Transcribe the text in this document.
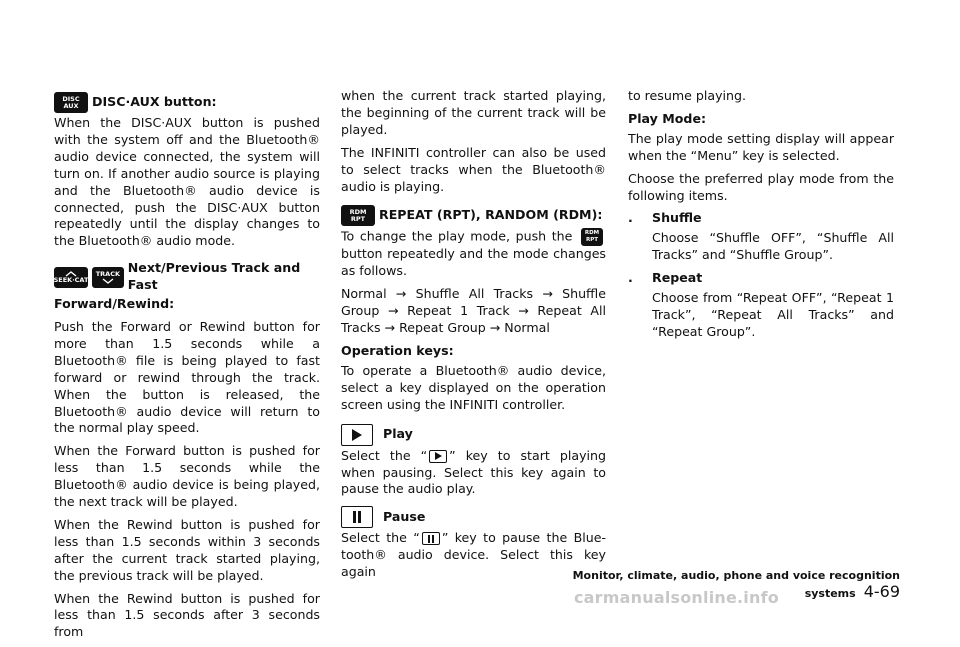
DISC
AUX DISC·AUX button:

When the DISC·AUX button is pushed with the system off and the Bluetooth® audio device connected, the system will turn on. If another audio source is playing and the Bluetooth® audio device is connected, push the DISC·AUX button repeatedly until the display changes to the Bluetooth® audio mode.

SEEK·CAT
TRACK Next/Previous Track and Fast

Forward/Rewind:

Push the Forward or Rewind button for more than 1.5 seconds while a Bluetooth® file is being played to fast forward or rewind through the track. When the button is released, the Bluetooth® audio device will return to the normal play speed.

When the Forward button is pushed for less than 1.5 seconds while the Bluetooth® audio device is being played, the next track will be played.

When the Rewind button is pushed for less than 1.5 seconds within 3 seconds after the current track started playing, the previous track will be played.

When the Rewind button is pushed for less than 1.5 seconds after 3 seconds from

when the current track started playing, the beginning of the current track will be played.

The INFINITI controller can also be used to select tracks when the Bluetooth® audio is playing.

RDM
RPT REPEAT (RPT), RANDOM (RDM):

To change the play mode, push the RDM
RPT
button repeatedly and the mode changes as follows.

Normal → Shuffle All Tracks → Shuffle Group → Repeat 1 Track → Repeat All Tracks → Repeat Group → Normal

Operation keys:

To operate a Bluetooth® audio device, select a key displayed on the operation screen using the INFINITI controller.

Play

Select the “ ” key to start playing when pausing. Select this key again to pause the audio play.

Pause

Select the “ ” key to pause the Blue-tooth® audio device. Select this key again

to resume playing.

Play Mode:

The play mode setting display will appear when the “Menu” key is selected.

Choose the preferred play mode from the following items.

.	Shuffle

Choose “Shuffle OFF”, “Shuffle All Tracks” and “Shuffle Group”.

.	Repeat

Choose from “Repeat OFF”, “Repeat 1 Track”, “Repeat All Tracks” and “Repeat Group”.

Monitor, climate, audio, phone and voice recognition systems 4-69
carmanualsonline.info
